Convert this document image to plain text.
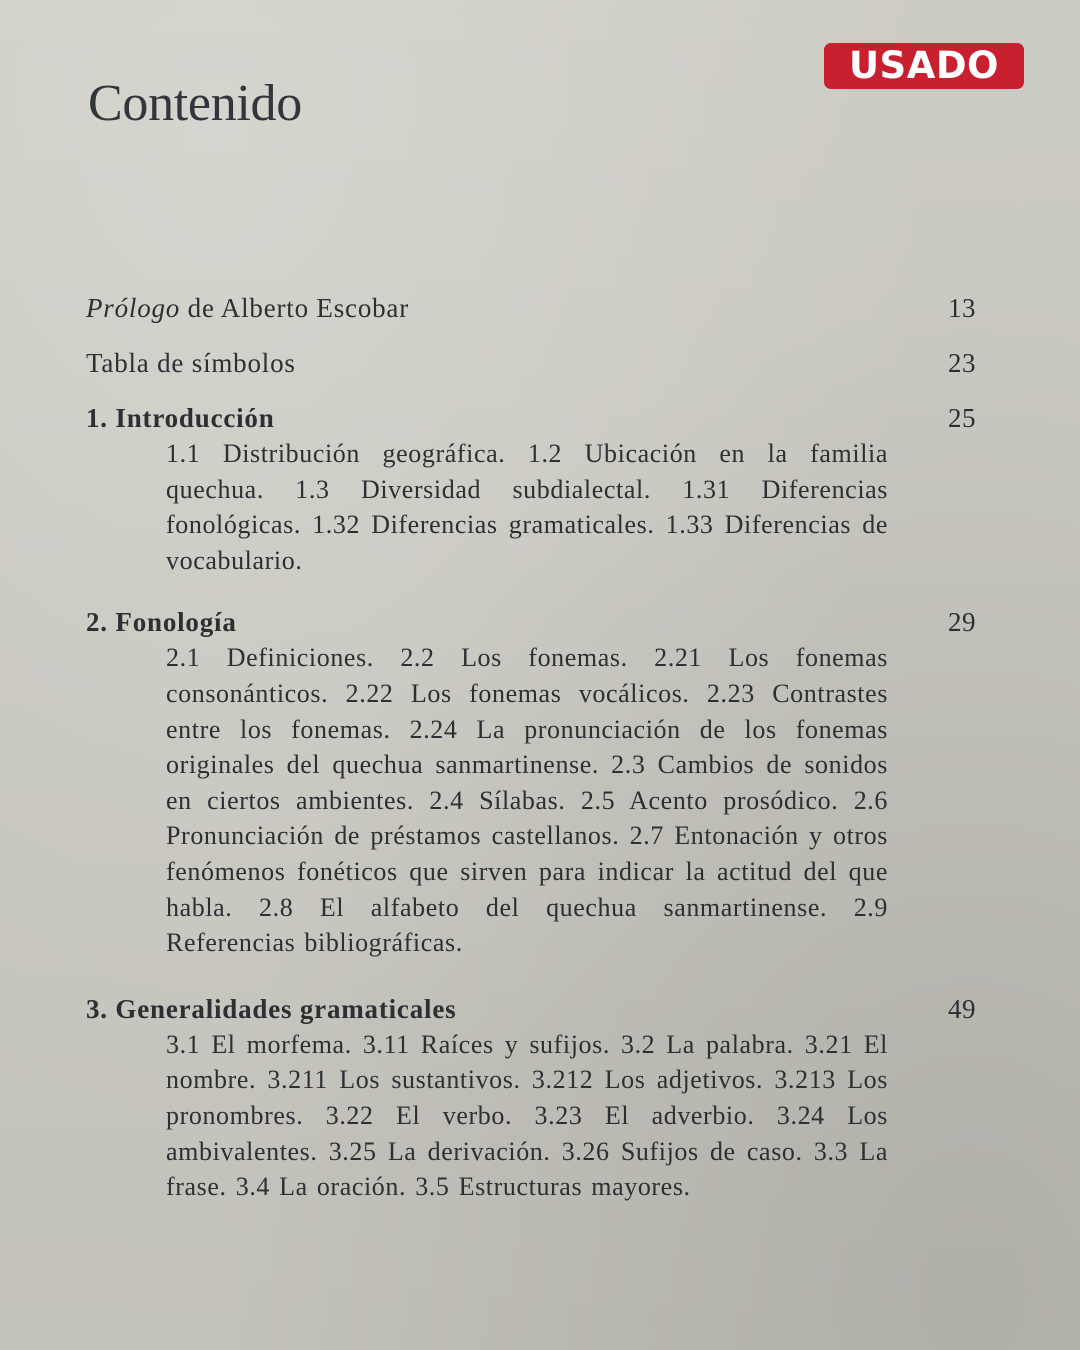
USADO
Contenido
Prólogo de Alberto Escobar	13
Tabla de símbolos	23
1. Introducción	25
1.1 Distribución geográfica. 1.2 Ubicación en la familia quechua. 1.3 Diversidad subdialectal. 1.31 Diferencias fonológicas. 1.32 Diferencias gramaticales. 1.33 Diferencias de vocabulario.
2. Fonología	29
2.1 Definiciones. 2.2 Los fonemas. 2.21 Los fonemas consonánticos. 2.22 Los fonemas vocálicos. 2.23 Contrastes entre los fonemas. 2.24 La pronunciación de los fonemas originales del quechua sanmartinense. 2.3 Cambios de sonidos en ciertos ambientes. 2.4 Sílabas. 2.5 Acento prosódico. 2.6 Pronunciación de préstamos castellanos. 2.7 Entonación y otros fenómenos fonéticos que sirven para indicar la actitud del que habla. 2.8 El alfabeto del quechua sanmartinense. 2.9 Referencias bibliográficas.
3. Generalidades gramaticales	49
3.1 El morfema. 3.11 Raíces y sufijos. 3.2 La palabra. 3.21 El nombre. 3.211 Los sustantivos. 3.212 Los adjetivos. 3.213 Los pronombres. 3.22 El verbo. 3.23 El adverbio. 3.24 Los ambivalentes. 3.25 La derivación. 3.26 Sufijos de caso. 3.3 La frase. 3.4 La oración. 3.5 Estructuras mayores.
